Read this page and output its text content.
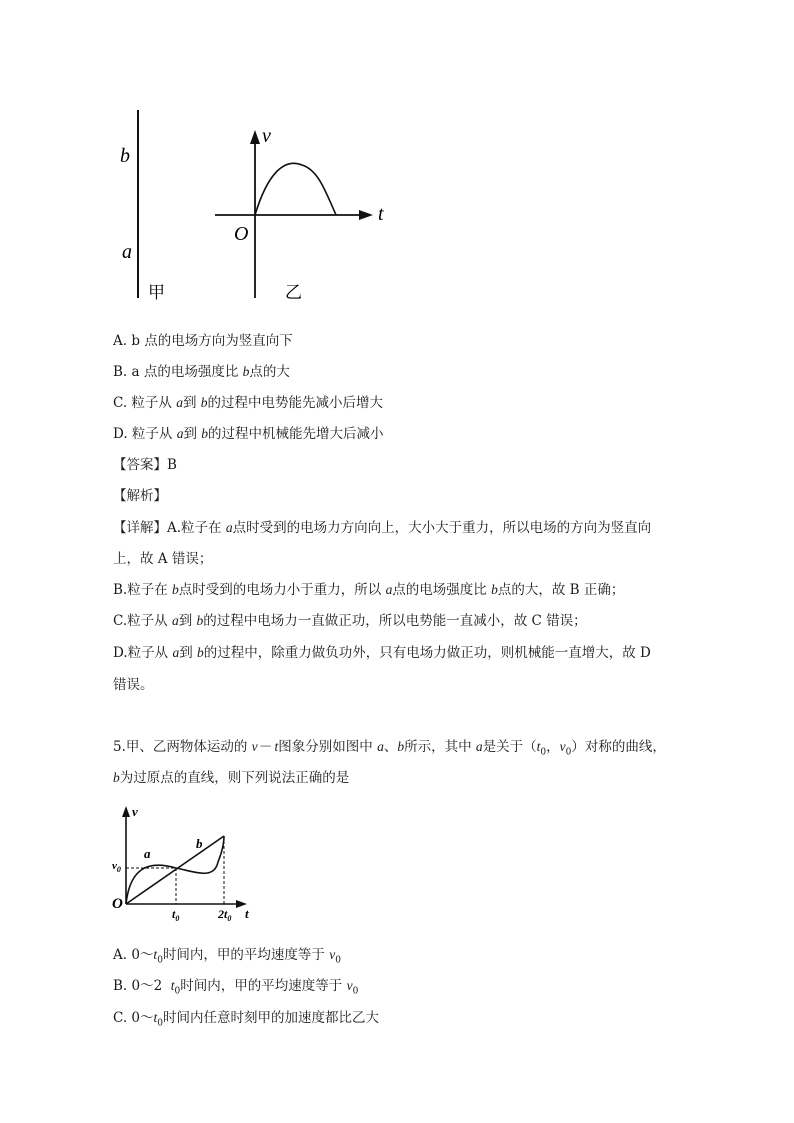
b
a
甲
v
t
O
乙
A. b 点的电场方向为竖直向下
B. a 点的电场强度比 b点的大
C. 粒子从 a到 b的过程中电势能先减小后增大
D. 粒子从 a到 b的过程中机械能先增大后减小
【答案】B
【解析】
【详解】A.粒子在 a点时受到的电场力方向向上，大小大于重力，所以电场的方向为竖直向
上，故 A 错误；
B.粒子在 b点时受到的电场力小于重力，所以 a点的电场强度比 b点的大，故 B 正确；
C.粒子从 a到 b的过程中电场力一直做正功，所以电势能一直减小，故 C 错误；
D.粒子从 a到 b的过程中，除重力做负功外，只有电场力做正功，则机械能一直增大，故 D
错误。
5.甲、乙两物体运动的 v－ t图象分别如图中 a、b所示，其中 a是关于（$t_0$，$v_0$）对称的曲线，
b为过原点的直线，则下列说法正确的是
v
t
O
a
b
$v_0$
$t_0$	$2t_0$
A. $0\sim t_0$时间内，甲的平均速度等于 $v_0$
B. 0～2  $t_0$时间内，甲的平均速度等于 $v_0$
C. $0\sim t_0$时间内任意时刻甲的加速度都比乙大
